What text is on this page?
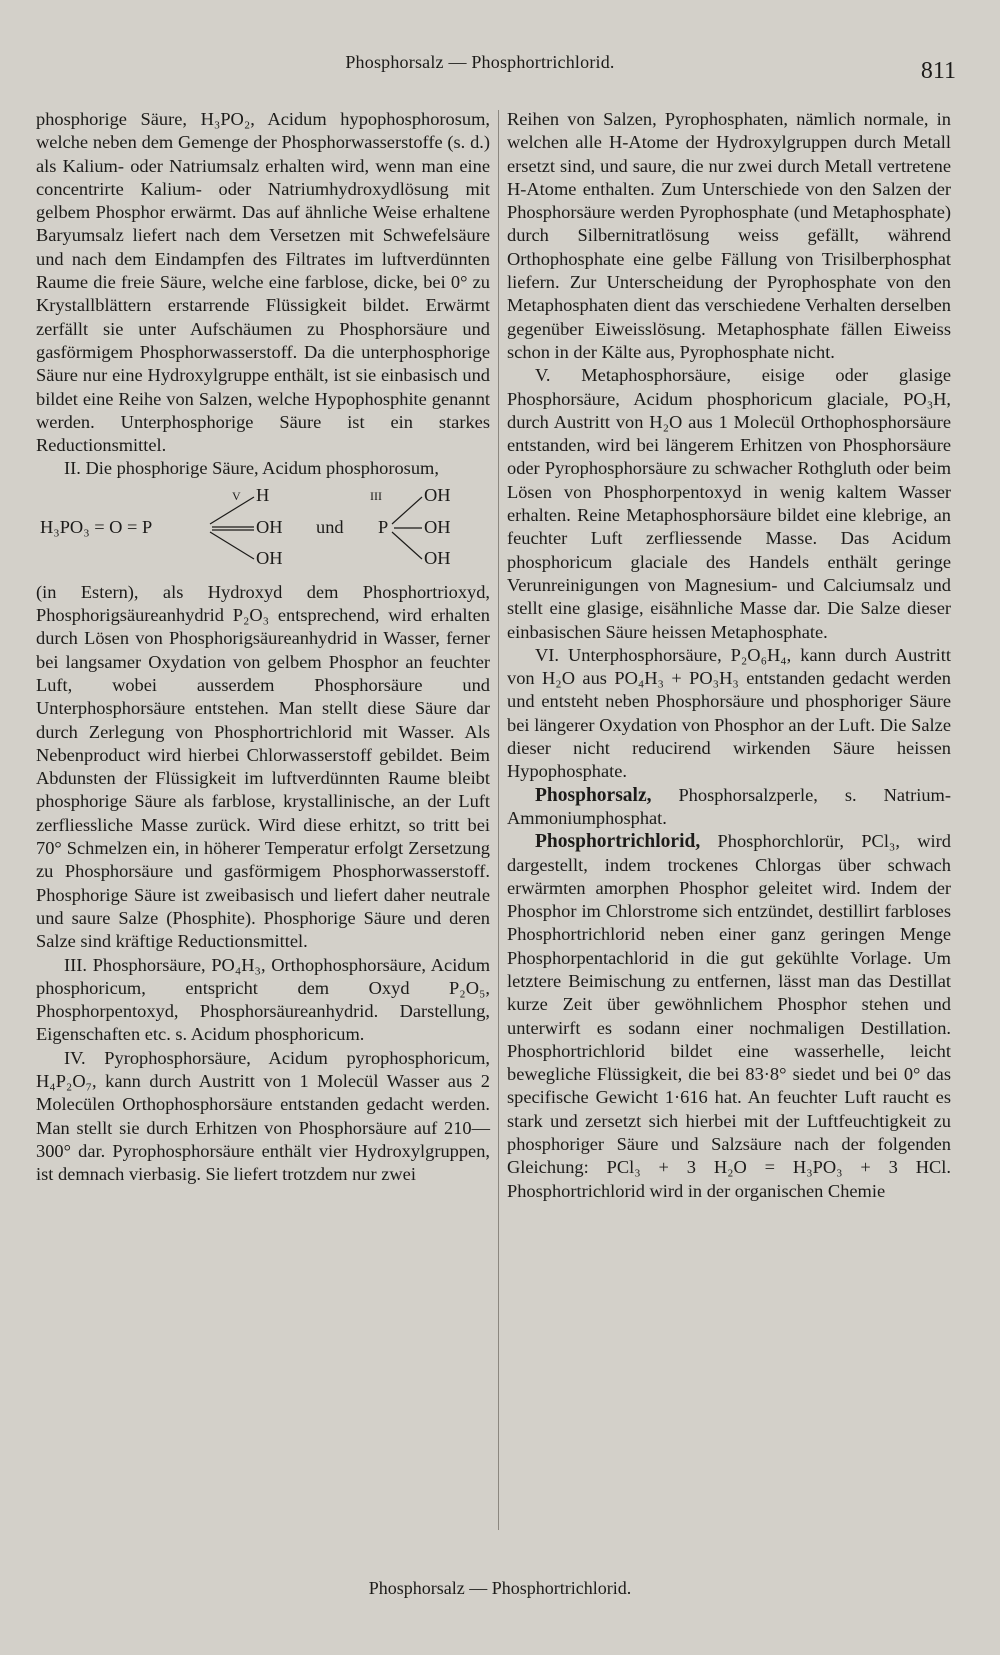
Phosphorsalz — Phosphortrichlorid.	811

phosphorige Säure, H₃PO₂, Acidum hypophosphorosum, welche neben dem Gemenge der Phosphorwasserstoffe (s. d.) als Kalium- oder Natriumsalz erhalten wird, wenn man eine concentrirte Kalium- oder Natriumhydroxydlösung mit gelbem Phosphor erwärmt. Das auf ähnliche Weise erhaltene Baryumsalz liefert nach dem Versetzen mit Schwefelsäure und nach dem Eindampfen des Filtrates im luftverdünnten Raume die freie Säure, welche eine farblose, dicke, bei 0° zu Krystallblättern erstarrende Flüssigkeit bildet. Erwärmt zerfällt sie unter Aufschäumen zu Phosphorsäure und gasförmigem Phosphorwasserstoff. Da die unterphosphorige Säure nur eine Hydroxylgruppe enthält, ist sie einbasisch und bildet eine Reihe von Salzen, welche Hypophosphite genannt werden. Unterphosphorige Säure ist ein starkes Reductionsmittel.

II. Die phosphorige Säure, Acidum phosphorosum,

V H	III OH
H₃PO₃ = O = P	OH und P OH
OH	OH

(in Estern), als Hydroxyd dem Phosphortrioxyd, Phosphorigsäureanhydrid P₂O₃ entsprechend, wird erhalten durch Lösen von Phosphorigsäureanhydrid in Wasser, ferner bei langsamer Oxydation von gelbem Phosphor an feuchter Luft, wobei ausserdem Phosphorsäure und Unterphosphorsäure entstehen. Man stellt diese Säure dar durch Zerlegung von Phosphortrichlorid mit Wasser. Als Nebenproduct wird hierbei Chlorwasserstoff gebildet. Beim Abdunsten der Flüssigkeit im luftverdünnten Raume bleibt phosphorige Säure als farblose, krystallinische, an der Luft zerfliessliche Masse zurück. Wird diese erhitzt, so tritt bei 70° Schmelzen ein, in höherer Temperatur erfolgt Zersetzung zu Phosphorsäure und gasförmigem Phosphorwasserstoff. Phosphorige Säure ist zweibasisch und liefert daher neutrale und saure Salze (Phosphite). Phosphorige Säure und deren Salze sind kräftige Reductionsmittel.

III. Phosphorsäure, PO₄H₃, Orthophosphorsäure, Acidum phosphoricum, entspricht dem Oxyd P₂O₅, Phosphorpentoxyd, Phosphorsäureanhydrid. Darstellung, Eigenschaften etc. s. Acidum phosphoricum.

IV. Pyrophosphorsäure, Acidum pyrophosphoricum, H₄P₂O₇, kann durch Austritt von 1 Molecül Wasser aus 2 Molecülen Orthophosphorsäure entstanden gedacht werden. Man stellt sie durch Erhitzen von Phosphorsäure auf 210—300° dar. Pyrophosphorsäure enthält vier Hydroxylgruppen, ist demnach vierbasig. Sie liefert trotzdem nur zwei

Reihen von Salzen, Pyrophosphaten, nämlich normale, in welchen alle H-Atome der Hydroxylgruppen durch Metall ersetzt sind, und saure, die nur zwei durch Metall vertretene H-Atome enthalten. Zum Unterschiede von den Salzen der Phosphorsäure werden Pyrophosphate (und Metaphosphate) durch Silbernitratlösung weiss gefällt, während Orthophosphate eine gelbe Fällung von Trisilberphosphat liefern. Zur Unterscheidung der Pyrophosphate von den Metaphosphaten dient das verschiedene Verhalten derselben gegenüber Eiweisslösung. Metaphosphate fällen Eiweiss schon in der Kälte aus, Pyrophosphate nicht.

V. Metaphosphorsäure, eisige oder glasige Phosphorsäure, Acidum phosphoricum glaciale, PO₃H, durch Austritt von H₂O aus 1 Molecül Orthophosphorsäure entstanden, wird bei längerem Erhitzen von Phosphorsäure oder Pyrophosphorsäure zu schwacher Rothgluth oder beim Lösen von Phosphorpentoxyd in wenig kaltem Wasser erhalten. Reine Metaphosphorsäure bildet eine klebrige, an feuchter Luft zerfliessende Masse. Das Acidum phosphoricum glaciale des Handels enthält geringe Verunreinigungen von Magnesium- und Calciumsalz und stellt eine glasige, eisähnliche Masse dar. Die Salze dieser einbasischen Säure heissen Metaphosphate.

VI. Unterphosphorsäure, P₂O₆H₄, kann durch Austritt von H₂O aus PO₄H₃ + PO₃H₃ entstanden gedacht werden und entsteht neben Phosphorsäure und phosphoriger Säure bei längerer Oxydation von Phosphor an der Luft. Die Salze dieser nicht reducirend wirkenden Säure heissen Hypophosphate.

Phosphorsalz, Phosphorsalzperle, s. Natrium-Ammoniumphosphat.

Phosphortrichlorid, Phosphorchlorür, PCl₃, wird dargestellt, indem trockenes Chlorgas über schwach erwärmten amorphen Phosphor geleitet wird. Indem der Phosphor im Chlorstrome sich entzündet, destillirt farbloses Phosphortrichlorid neben einer ganz geringen Menge Phosphorpentachlorid in die gut gekühlte Vorlage. Um letztere Beimischung zu entfernen, lässt man das Destillat kurze Zeit über gewöhnlichem Phosphor stehen und unterwirft es sodann einer nochmaligen Destillation. Phosphortrichlorid bildet eine wasserhelle, leicht bewegliche Flüssigkeit, die bei 83·8° siedet und bei 0° das specifische Gewicht 1·616 hat. An feuchter Luft raucht es stark und zersetzt sich hierbei mit der Luftfeuchtigkeit zu phosphoriger Säure und Salzsäure nach der folgenden Gleichung: PCl₃ + 3 H₂O = H₃PO₃ + 3 HCl. Phosphortrichlorid wird in der organischen Chemie

Phosphorsalz — Phosphortrichlorid.
